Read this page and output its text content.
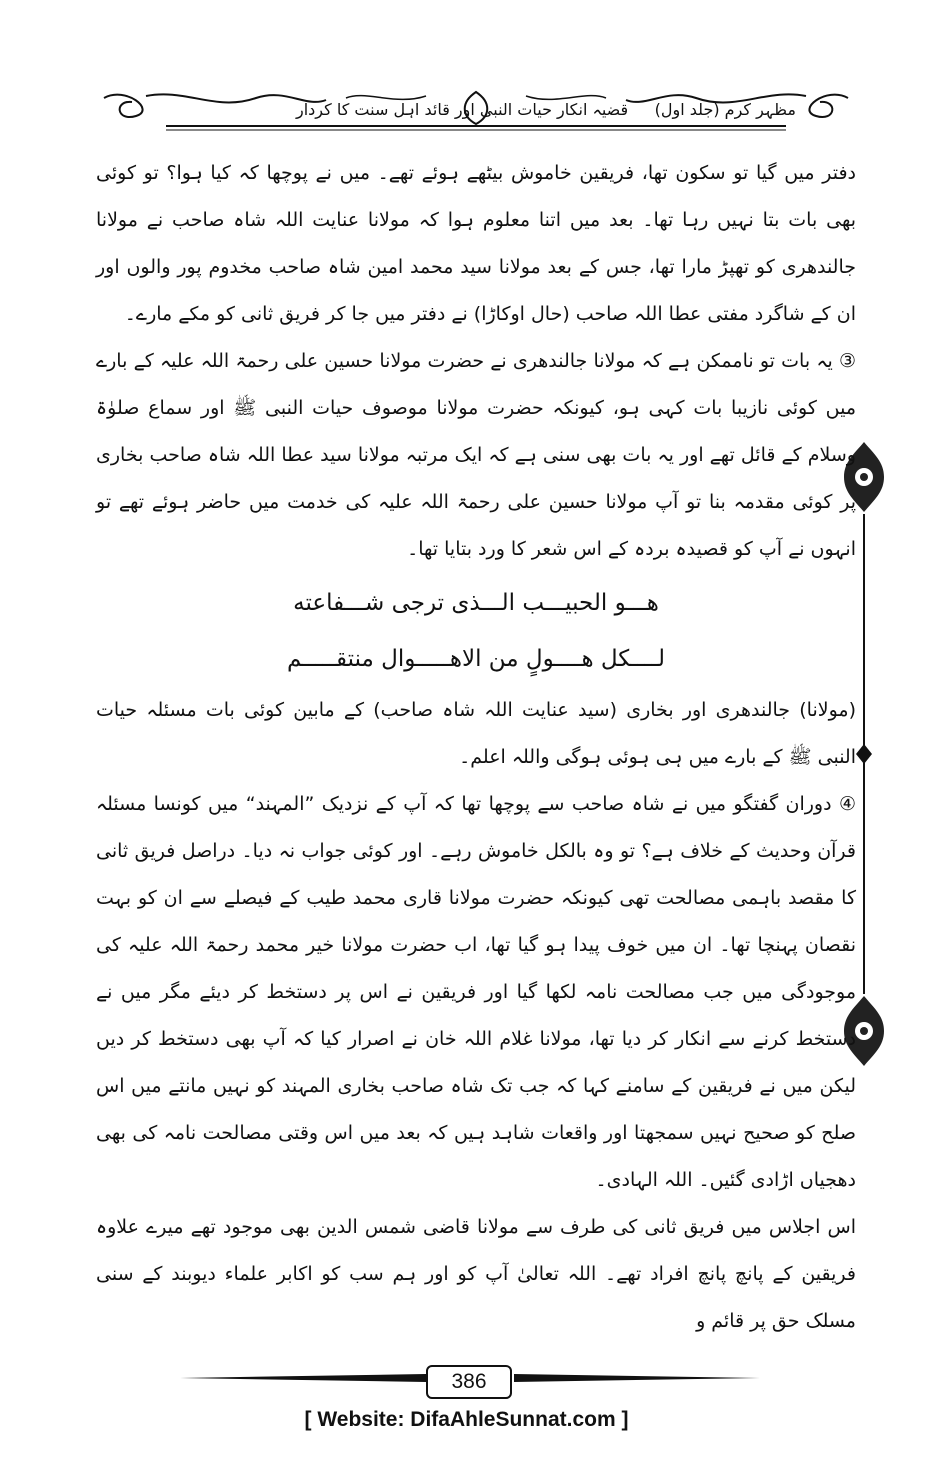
مظہر کرم (جلد اول)
قضیہ انکار حیات النبی اور قائد اہل سنت کا کردار

دفتر میں گیا تو سکون تھا، فریقین خاموش بیٹھے ہوئے تھے۔ میں نے پوچھا کہ کیا ہوا؟ تو کوئی بھی بات بتا نہیں رہا تھا۔ بعد میں اتنا معلوم ہوا کہ مولانا عنایت اللہ شاہ صاحب نے مولانا جالندھری کو تھپڑ مارا تھا، جس کے بعد مولانا سید محمد امین شاہ صاحب مخدوم پور والوں اور ان کے شاگرد مفتی عطا اللہ صاحب (حال اوکاڑا) نے دفتر میں جا کر فریق ثانی کو مکے مارے۔

③ یہ بات تو ناممکن ہے کہ مولانا جالندھری نے حضرت مولانا حسین علی رحمۃ اللہ علیہ کے بارے میں کوئی نازیبا بات کہی ہو، کیونکہ حضرت مولانا موصوف حیات النبی ﷺ اور سماع صلوٰۃ وسلام کے قائل تھے اور یہ بات بھی سنی ہے کہ ایک مرتبہ مولانا سید عطا اللہ شاہ صاحب بخاری پر کوئی مقدمہ بنا تو آپ مولانا حسین علی رحمۃ اللہ علیہ کی خدمت میں حاضر ہوئے تھے تو انہوں نے آپ کو قصیدہ بردہ کے اس شعر کا ورد بتایا تھا۔

هـــو الحبيـــب الـــذى ترجى شـــفاعته
لــــكل هــــولٍ من الاهـــــوال منتقـــــم

(مولانا) جالندھری اور بخاری (سید عنایت اللہ شاہ صاحب) کے مابین کوئی بات مسئلہ حیات النبی ﷺ کے بارے میں ہی ہوئی ہوگی واللہ اعلم۔

④ دوران گفتگو میں نے شاہ صاحب سے پوچھا تھا کہ آپ کے نزدیک ”المہند“ میں کونسا مسئلہ قرآن وحدیث کے خلاف ہے؟ تو وہ بالکل خاموش رہے۔ اور کوئی جواب نہ دیا۔ دراصل فریق ثانی کا مقصد باہمی مصالحت تھی کیونکہ حضرت مولانا قاری محمد طیب کے فیصلے سے ان کو بہت نقصان پہنچا تھا۔ ان میں خوف پیدا ہو گیا تھا، اب حضرت مولانا خیر محمد رحمۃ اللہ علیہ کی موجودگی میں جب مصالحت نامہ لکھا گیا اور فریقین نے اس پر دستخط کر دیئے مگر میں نے دستخط کرنے سے انکار کر دیا تھا، مولانا غلام اللہ خان نے اصرار کیا کہ آپ بھی دستخط کر دیں لیکن میں نے فریقین کے سامنے کہا کہ جب تک شاہ صاحب بخاری المہند کو نہیں مانتے میں اس صلح کو صحیح نہیں سمجھتا اور واقعات شاہد ہیں کہ بعد میں اس وقتی مصالحت نامہ کی بھی دھجیاں اڑادی گئیں۔ اللہ الہادی۔

اس اجلاس میں فریق ثانی کی طرف سے مولانا قاضی شمس الدین بھی موجود تھے میرے علاوہ فریقین کے پانچ پانچ افراد تھے۔ اللہ تعالیٰ آپ کو اور ہم سب کو اکابر علماء دیوبند کے سنی مسلک حق پر قائم و

386
[ Website: DifaAhleSunnat.com ]
